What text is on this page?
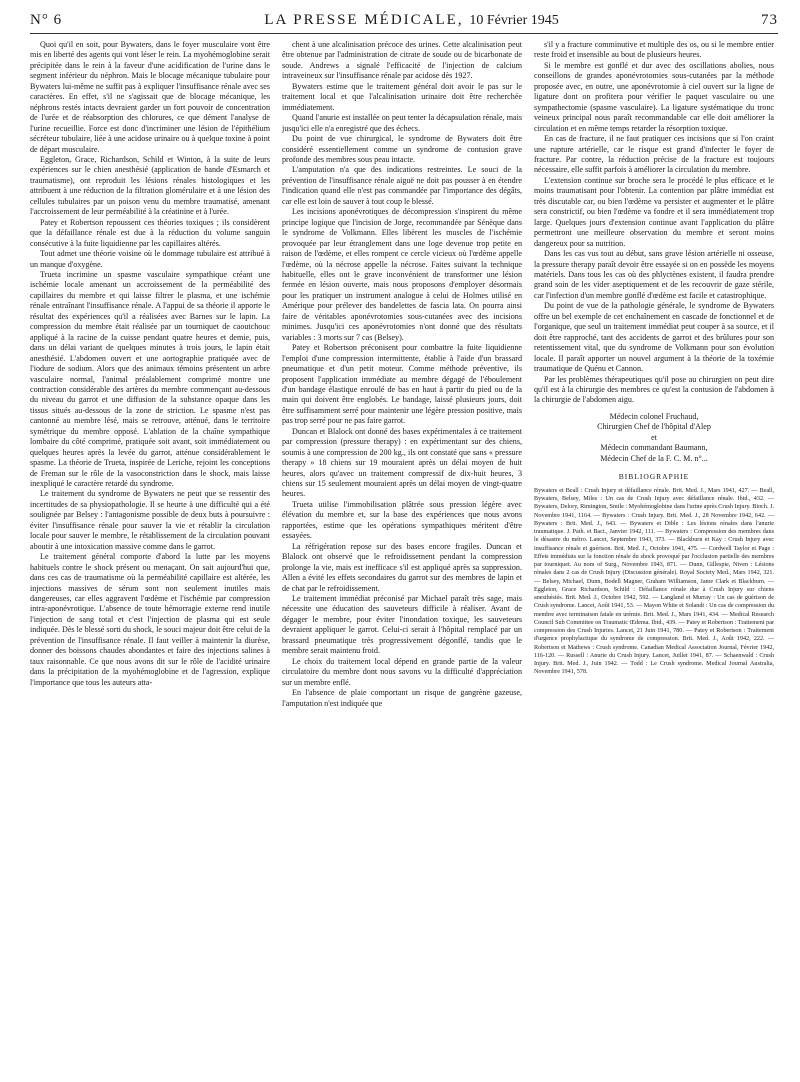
N° 6	LA PRESSE MÉDICALE, 10 Février 1945	73

Quoi qu'il en soit, pour Bywaters, dans le foyer musculaire vont être mis en liberté des agents qui vont léser le rein. La myohémoglobine serait précipitée dans le rein à la faveur d'une acidification de l'urine dans le segment inférieur du néphron. Mais le blocage mécanique tubulaire pour Bywaters lui-même ne suffit pas à expliquer l'insuffisance rénale avec ses caractères. En effet, s'il ne s'agissait que de blocage mécanique, les néphrons restés intacts devraient garder un fort pouvoir de concentration de l'urée et de réabsorption des chlorures, ce que dément l'analyse de l'urine recueillie. Force est donc d'incriminer une lésion de l'épithélium sécréteur tubulaire, liée à une acidose urinaire ou à quelque toxine à point de départ musculaire.

Eggleton, Grace, Richardson, Schild et Winton, à la suite de leurs expériences sur le chien anesthésié (application de bande d'Esmarch et traumatisme), ont reproduit les lésions rénales histologiques et les attribuent à une réduction de la filtration glomérulaire et à une lésion des cellules tubulaires par un poison venu du membre traumatisé, amenant l'accroissement de leur perméabilité à la créatinine et à l'urée.

Patey et Robertson repoussent ces théories toxiques ; ils considèrent que la défaillance rénale est due à la réduction du volume sanguin consécutive à la fuite liquidienne par les capillaires altérés.

Tout admet une théorie voisine où le dommage tubulaire est attribué à un manque d'oxygène.

Trueta incrimine un spasme vasculaire sympathique créant une ischémie locale amenant un accroissement de la perméabilité des capillaires du membre et qui laisse filtrer le plasma, et une ischémie rénale entraînant l'insuffisance rénale. A l'appui de sa théorie il apporte le résultat des expériences qu'il a réalisées avec Barnes sur le lapin. La compression du membre était réalisée par un tourniquet de caoutchouc appliqué à la racine de la cuisse pendant quatre heures et demie, puis, dans un délai variant de quelques minutes à trois jours, le lapin était anesthésié. L'abdomen ouvert et une aortographie pratiquée avec de l'iodure de sodium. Alors que des animaux témoins présentent un arbre vasculaire normal, l'animal préalablement comprimé montre une contraction considérable des artères du membre commençant au-dessous du niveau du garrot et une diffusion de la substance opaque dans les tissus situés au-dessous de la zone de striction. Le spasme n'est pas cantonné au membre lésé, mais se retrouve, atténué, dans le territoire symétrique du membre opposé. L'ablation de la chaîne sympathique lombaire du côté comprimé, pratiquée soit avant, soit immédiatement ou quelques heures après la levée du garrot, atténue considérablement le spasme. La théorie de Trueta, inspirée de Leriche, rejoint les conceptions de Freman sur le rôle de la vasoconstriction dans le shock, mais laisse inexpliqué le caractère retardé du syndrome.

Le traitement du syndrome de Bywaters ne peut que se ressentir des incertitudes de sa physiopathologie. Il se heurte à une difficulté qui a été soulignée par Belsey : l'antagonisme possible de deux buts à poursuivre : éviter l'insuffisance rénale pour sauver la vie et rétablir la circulation locale pour sauver le membre, le rétablissement de la circulation pouvant aboutir à une intoxication massive comme dans le garrot.

Le traitement général comporte d'abord la lutte par les moyens habituels contre le shock présent ou menaçant. On sait aujourd'hui que, dans ces cas de traumatisme où la perméabilité capillaire est altérée, les injections massives de sérum sont non seulement inutiles mais dangereuses, car elles aggravent l'œdème et l'ischémie par compression intra-aponévrotique. L'absence de toute hémorragie externe rend inutile l'injection de sang total et c'est l'injection de plasma qui est seule indiquée. Dès le blessé sorti du shock, le souci majeur doit être celui de la prévention de l'insuffisance rénale. Il faut veiller à maintenir la diurèse, donner des boissons chaudes abondantes et faire des injections salines à taux raisonnable. Ce que nous avons dit sur le rôle de l'acidité urinaire dans la précipitation de la myohémoglobine et de l'agression, explique l'importance que tous les auteurs atta-

chent à une alcalinisation précoce des urines. Cette alcalinisation peut être obtenue par l'administration de citrate de soude ou de bicarbonate de soude. Andrews a signalé l'efficacité de l'injection de calcium intraveineux sur l'insuffisance rénale par acidose dès 1927.

Bywaters estime que le traitement général doit avoir le pas sur le traitement local et que l'alcalinisation urinaire doit être recherchée immédiatement.

Quand l'anurie est installée on peut tenter la décapsulation rénale, mais jusqu'ici elle n'a enregistré que des échecs.

Du point de vue chirurgical, le syndrome de Bywaters doit être considéré essentiellement comme un syndrome de contusion grave profonde des membres sous peau intacte.

L'amputation n'a que des indications restreintes. Le souci de la prévention de l'insuffisance rénale aiguë ne doit pas pousser à en étendre l'indication quand elle n'est pas commandée par l'importance des dégâts, car elle est loin de sauver à tout coup le blessé.

Les incisions aponévrotiques de décompression s'inspirent du même principe logique que l'incision de Jorge, recommandée par Sénèque dans le syndrome de Volkmann. Elles libèrent les muscles de l'ischémie provoquée par leur étranglement dans une loge devenue trop petite en raison de l'œdème, et elles rompent ce cercle vicieux où l'œdème appelle l'œdème, où la nécrose appelle la nécrose. Faites suivant la technique habituelle, elles ont le grave inconvénient de transformer une lésion fermée en lésion ouverte, mais nous proposons d'employer désormais pour les pratiquer un instrument analogue à celui de Holmes utilisé en Amérique pour prélever des bandelettes de fascia lata. On pourra ainsi faire de véritables aponévrotomies sous-cutanées avec des incisions minimes. Jusqu'ici ces aponévrotomies n'ont donné que des résultats variables : 3 morts sur 7 cas (Belsey).

Patey et Robertson préconisent pour combattre la fuite liquidienne l'emploi d'une compression intermittente, établie à l'aide d'un brassard pneumatique et d'un petit moteur. Comme méthode préventive, ils proposent l'application immédiate au membre dégagé de l'éboulement d'un bandage élastique enroulé de bas en haut à partir du pied ou de la main qui doivent être englobés. Le bandage, laissé plusieurs jours, doit être suffisamment serré pour maintenir une légère pression positive, mais pas trop serré pour ne pas faire garrot.

Duncan et Blalock ont donné des bases expérimentales à ce traitement par compression (pressure therapy) : en expérimentant sur des chiens, soumis à une compression de 200 kg., ils ont constaté que sans « pressure therapy » 18 chiens sur 19 mouraient après un délai moyen de huit heures, alors qu'avec un traitement compressif de dix-huit heures, 3 chiens sur 15 seulement mouraient après un délai moyen de vingt-quatre heures.

Trueta utilise l'immobilisation plâtrée sous pression légère avec élévation du membre et, sur la base des expériences que nous avons rapportées, estime que les opérations sympathiques méritent d'être essayées.

La réfrigération repose sur des bases encore fragiles. Duncan et Blalock ont observé que le refroidissement pendant la compression prolonge la vie, mais est inefficace s'il est appliqué après sa suppression. Allen a évité les effets secondaires du garrot sur des membres de lapin et de chat par le refroidissement.

Le traitement immédiat préconisé par Michael paraît très sage, mais nécessite une éducation des sauveteurs difficile à réaliser. Avant de dégager le membre, pour éviter l'inondation toxique, les sauveteurs devraient appliquer le garrot. Celui-ci serait à l'hôpital remplacé par un brassard pneumatique très progressivement dégonflé, tandis que le membre serait maintenu froid.

Le choix du traitement local dépend en grande partie de la valeur circulatoire du membre dont nous savons vu la difficulté d'appréciation sur un membre enflé.

En l'absence de plaie comportant un risque de gangrène gazeuse, l'amputation n'est indiquée que

s'il y a fracture comminutive et multiple des os, ou si le membre entier reste froid et insensible au bout de plusieurs heures.

Si le membre est gonflé et dur avec des oscillations abolies, nous conseillons de grandes aponévrotomies sous-cutanées par la méthode proposée avec, en outre, une aponévrotomie à ciel ouvert sur la ligne de ligature dont on profitera pour vérifier le paquet vasculaire ou une sympathectomie (spasme vasculaire). La ligature systématique du tronc veineux principal nous paraît recommandable car elle doit améliorer la circulation et en même temps retarder la résorption toxique.

En cas de fracture, il ne faut pratiquer ces incisions que si l'on craint une rupture artérielle, car le risque est grand d'infecter le foyer de fracture. Par contre, la réduction précise de la fracture est toujours nécessaire, elle suffit parfois à améliorer la circulation du membre.

L'extension continue sur broche sera le procédé le plus efficace et le moins traumatisant pour l'obtenir. La contention par plâtre immédiat est très discutable car, ou bien l'œdème va persister et augmenter et le plâtre sera constrictif, ou bien l'œdème va fondre et il sera immédiatement trop large. Quelques jours d'extension continue avant l'application du plâtre permettront une meilleure observation du membre et seront moins dangereux pour sa nutrition.

Dans les cas vus tout au début, sans grave lésion artérielle ni osseuse, la pressure therapy paraît devoir être essayée si on en possède les moyens matériels. Dans tous les cas où des phlyctènes existent, il faudra prendre grand soin de les vider aseptiquement et de les recouvrir de gaze stérile, car l'infection d'un membre gonflé d'œdème est facile et catastrophique.

Du point de vue de la pathologie générale, le syndrome de Bywaters offre un bel exemple de cet enchaînement en cascade de fonctionnel et de l'organique, que seul un traitement immédiat peut couper à sa source, et il doit être rapproché, tant des accidents de garrot et des brûlures pour son retentissement vital, que du syndrome de Volkmann pour son évolution locale. Il paraît apporter un nouvel argument à la théorie de la toxémie traumatique de Quénu et Cannon.

Par les problèmes thérapeutiques qu'il pose au chirurgien on peut dire qu'il est à la chirurgie des membres ce qu'est la contusion de l'abdomen à la chirurgie de l'abdomen aigu.

Médecin colonel Fruchaud,
Chirurgien Chef de l'hôpital d'Alep
et
Médecin commandant Baumann,
Médecin Chef de la F. C. M. n°...

BIBLIOGRAPHIE

Bywaters et Beall : Crush Injury et défaillance rénale. Brit. Med. J., Mars 1941, 427. — Beall, Bywaters, Belsey, Miles : Un cas de Crush Injury avec défaillance rénale. Ibid., 432. — Bywaters, Delory, Rimington, Smile : Myohémoglobine dans l'urine après Crush Injury. Bioch. J. Novembre 1941, 1164. — Bywaters : Crush Injury. Brit. Med. J., 28 Novembre 1942, 642. — Bywaters : Brit. Med. J., 643. — Bywaters et Dible : Les lésions rénales dans l'anurie traumatique. J. Path. et Bact., Janvier 1942, 111. — Bywaters : Compression des membres dans le désastre du métro. Lancet, Septembre 1943, 373. — Blackburn et Kay : Crush Injury avec insuffisance rénale et guérison. Brit. Med. J., Octobre 1941, 475. — Cordwell Taylor et Page : Effets immédiats sur la fonction rénale du shock provoqué par l'occlusion partielle des membres par tourniquet. Au nom of Surg., Novembre 1943, 871. — Dunn, Gillespie, Niven : Lésions rénales dans 2 cas de Crush Injury (Discussion générale). Royal Society Med., Mars 1942, 321. — Belsey, Michael, Dunn, Bodell Magner, Graham Williamson, Jame Clark et Blackburn. — Eggleton, Grace Richardson, Schild : Défaillance rénale due à Crush Injury sur chiens anesthésiés. Brit. Med. J., Octobre 1942, 592. — Langland et Murray : Un cas de guérison de Crush syndrome. Lancet, Août 1941, 53. — Mayon White et Solandt : Un cas de compression du membre avec terminaison fatale en urémie. Brit. Med. J., Mars 1941, 434. — Medical Research Council Sub Committee on Traumatic Œdema. Ibid., 439. — Patey et Robertson : Traitement par compression des Crush Injuries. Lancet, 21 Juin 1941, 780. — Patey et Robertson : Traitement d'urgence prophylactique du syndrome de compression. Brit. Med. J., Août 1942, 222. — Robertson et Mathews : Crush syndrome. Canadian Medical Association Journal, Février 1942, 116-120. — Russell : Anurie du Crush Injury. Lancet, Juillet 1941, 87. — Schaenwald : Crush Injury. Brit. Med. J., Juin 1942. — Todd : Le Crush syndrome. Medical Journal Australia, Novembre 1941, 578.
